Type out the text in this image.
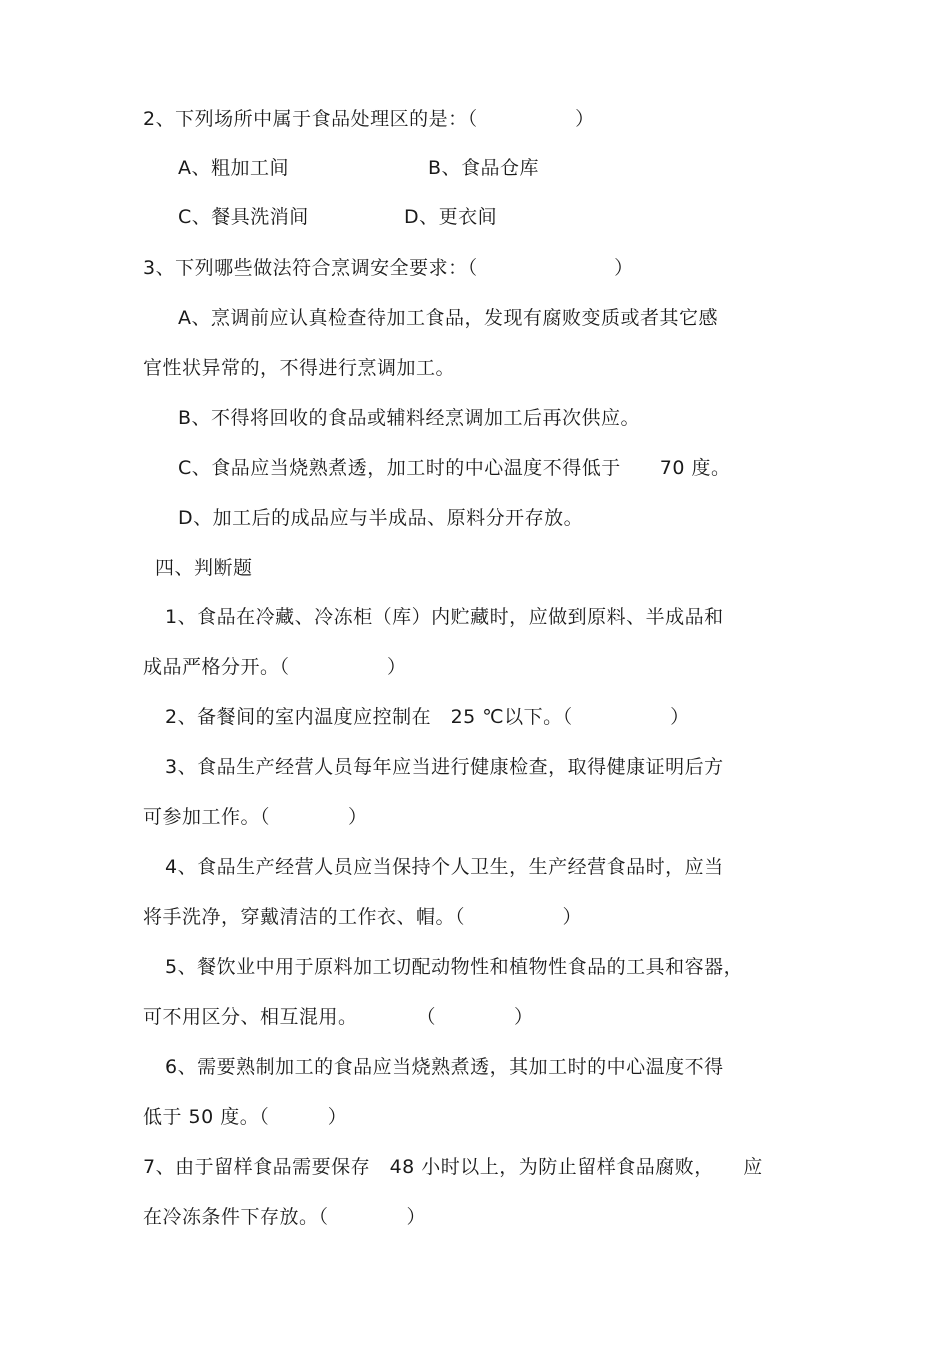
2、下列场所中属于食品处理区的是：（　　　　　）
A、粗加工间	B、食品仓库
C、餐具洗消间	D、更衣间
3、下列哪些做法符合烹调安全要求：（　　　　　　　）
A、烹调前应认真检查待加工食品，发现有腐败变质或者其它感
官性状异常的，不得进行烹调加工。
B、不得将回收的食品或辅料经烹调加工后再次供应。
C、食品应当烧熟煮透，加工时的中心温度不得低于　　70 度。
D、加工后的成品应与半成品、原料分开存放。
四、判断题
1、食品在冷藏、冷冻柜（库）内贮藏时，应做到原料、半成品和
成品严格分开。（　　　　　）
2、备餐间的室内温度应控制在　25 ℃以下。（　　　　　）
3、食品生产经营人员每年应当进行健康检查，取得健康证明后方
可参加工作。（　　　　）
4、食品生产经营人员应当保持个人卫生，生产经营食品时，应当
将手洗净，穿戴清洁的工作衣、帽。（　　　　　）
5、餐饮业中用于原料加工切配动物性和植物性食品的工具和容器，
可不用区分、相互混用。　　　　（　　　　）
6、需要熟制加工的食品应当烧熟煮透，其加工时的中心温度不得
低于 50 度。（　　　）
7、由于留样食品需要保存　48 小时以上，为防止留样食品腐败，　　应
在冷冻条件下存放。（　　　　）
